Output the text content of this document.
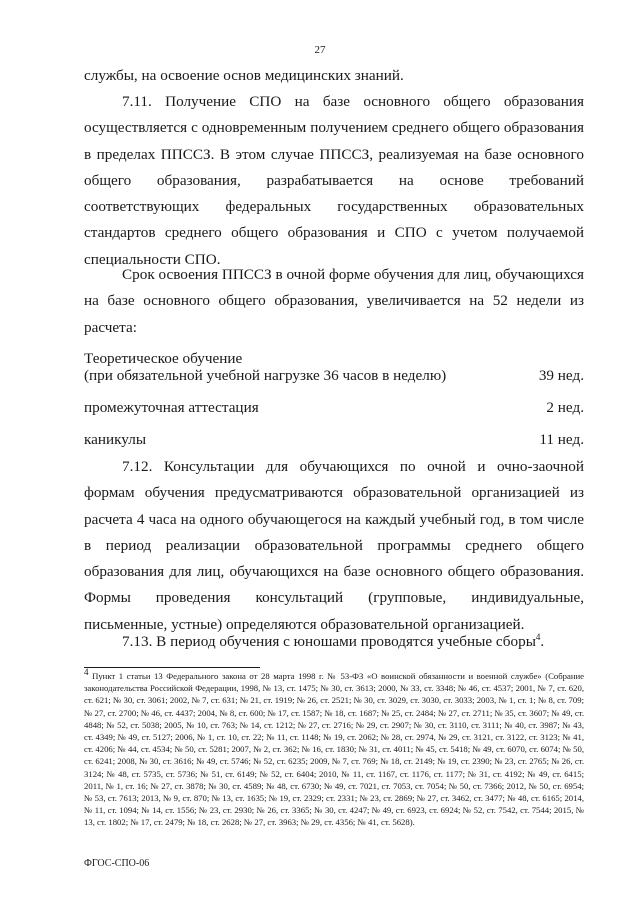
27

службы, на освоение основ медицинских знаний.

7.11. Получение СПО на базе основного общего образования осуществляется с одновременным получением среднего общего образования в пределах ППССЗ. В этом случае ППССЗ, реализуемая на базе основного общего образования, разрабатывается на основе требований соответствующих федеральных государственных образовательных стандартов среднего общего образования и СПО с учетом получаемой специальности СПО.

Срок освоения ППССЗ в очной форме обучения для лиц, обучающихся на базе основного общего образования, увеличивается на 52 недели из расчета:

Теоретическое обучение
(при обязательной учебной нагрузке 36 часов в неделю)	39 нед.
промежуточная аттестация	2 нед.
каникулы	11 нед.

7.12. Консультации для обучающихся по очной и очно-заочной формам обучения предусматриваются образовательной организацией из расчета 4 часа на одного обучающегося на каждый учебный год, в том числе в период реализации образовательной программы среднего общего образования для лиц, обучающихся на базе основного общего образования. Формы проведения консультаций (групповые, индивидуальные, письменные, устные) определяются образовательной организацией.

7.13. В период обучения с юношами проводятся учебные сборы$^4$.

$^4$ Пункт 1 статьи 13 Федерального закона от 28 марта 1998 г. № 53-ФЗ «О воинской обязанности и военной службе» (Собрание законодательства Российской Федерации, 1998, № 13, ст. 1475; № 30, ст. 3613; 2000, № 33, ст. 3348; № 46, ст. 4537; 2001, № 7, ст. 620, ст. 621; № 30, ст. 3061; 2002, № 7, ст. 631; № 21, ст. 1919; № 26, ст. 2521; № 30, ст. 3029, ст. 3030, ст. 3033; 2003, № 1, ст. 1; № 8, ст. 709; № 27, ст. 2700; № 46, ст. 4437; 2004, № 8, ст. 600; № 17, ст. 1587; № 18, ст. 1687; № 25, ст. 2484; № 27, ст. 2711; № 35, ст. 3607; № 49, ст. 4848; № 52, ст. 5038; 2005, № 10, ст. 763; № 14, ст. 1212; № 27, ст. 2716; № 29, ст. 2907; № 30, ст. 3110, ст. 3111; № 40, ст. 3987; № 43, ст. 4349; № 49, ст. 5127; 2006, № 1, ст. 10, ст. 22; № 11, ст. 1148; № 19, ст. 2062; № 28, ст. 2974, № 29, ст. 3121, ст. 3122, ст. 3123; № 41, ст. 4206; № 44, ст. 4534; № 50, ст. 5281; 2007, № 2, ст. 362; № 16, ст. 1830; № 31, ст. 4011; № 45, ст. 5418; № 49, ст. 6070, ст. 6074; № 50, ст. 6241; 2008, № 30, ст. 3616; № 49, ст. 5746; № 52, ст. 6235; 2009, № 7, ст. 769; № 18, ст. 2149; № 19, ст. 2390; № 23, ст. 2765; № 26, ст. 3124; № 48, ст. 5735, ст. 5736; № 51, ст. 6149; № 52, ст. 6404; 2010, № 11, ст. 1167, ст. 1176, ст. 1177; № 31, ст. 4192; № 49, ст. 6415; 2011, № 1, ст. 16; № 27, ст. 3878; № 30, ст. 4589; № 48, ст. 6730; № 49, ст. 7021, ст. 7053, ст. 7054; № 50, ст. 7366; 2012, № 50, ст. 6954; № 53, ст. 7613; 2013, № 9, ст. 870; № 13, ст. 1635; № 19, ст. 2329; ст. 2331; № 23, ст. 2869; № 27, ст. 3462, ст. 3477; № 48, ст. 6165; 2014, № 11, ст. 1094; № 14, ст. 1556; № 23, ст. 2930; № 26, ст. 3365; № 30, ст. 4247; № 49, ст. 6923, ст. 6924; № 52, ст. 7542, ст. 7544; 2015, № 13, ст. 1802; № 17, ст. 2479; № 18, ст. 2628; № 27, ст. 3963; № 29, ст. 4356; № 41, ст. 5628).

ФГОС-СПО-06
